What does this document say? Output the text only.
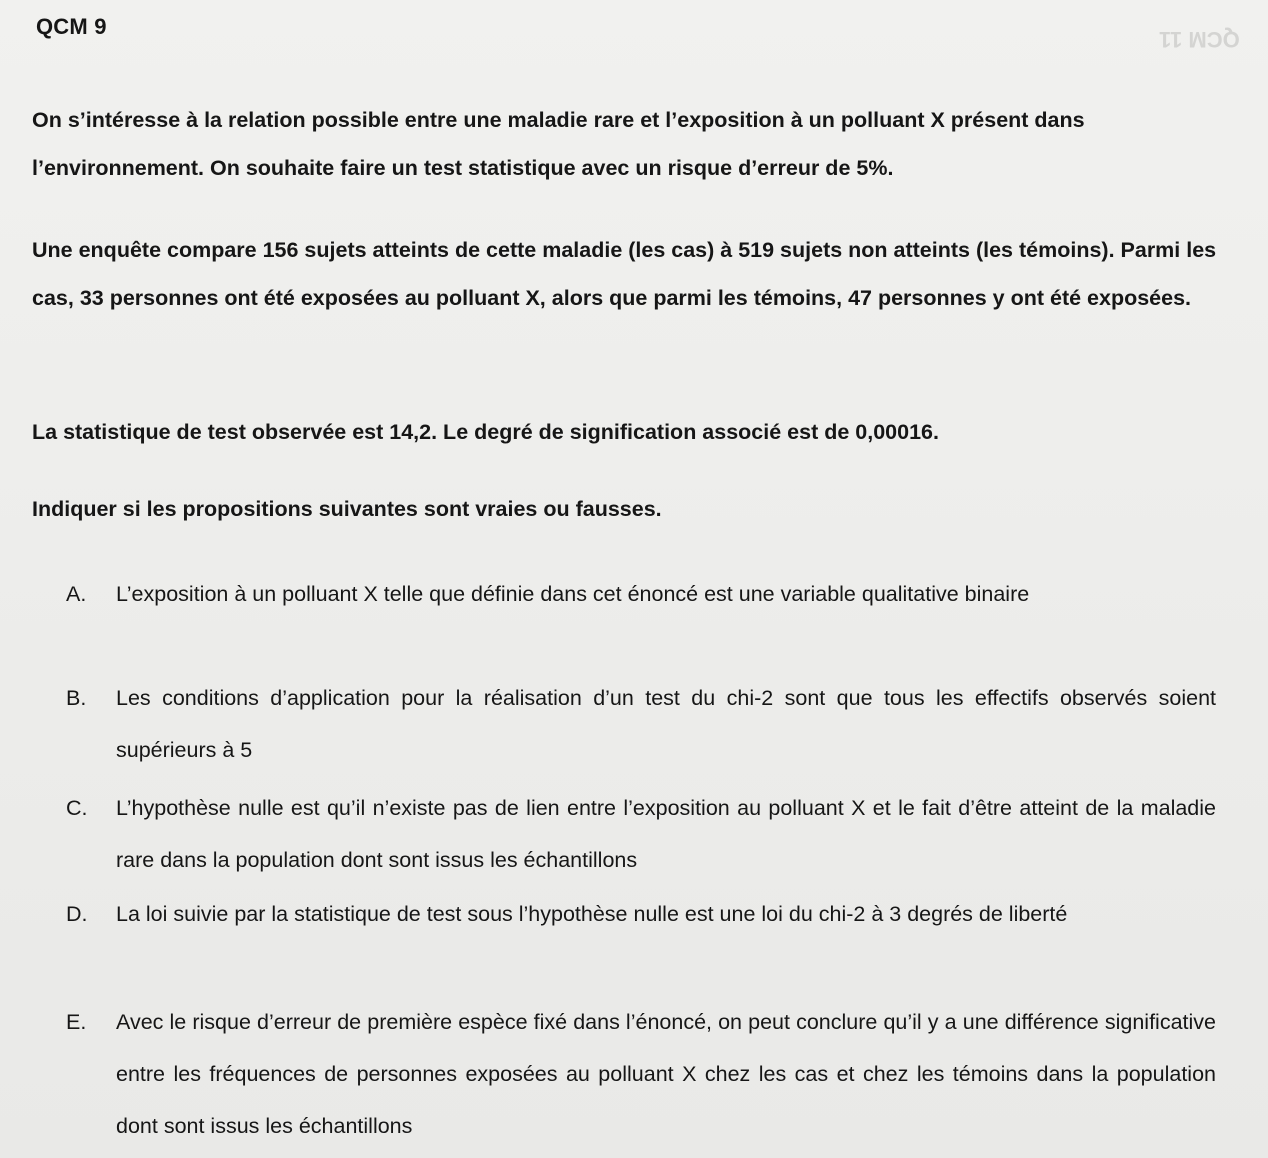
QCM 11
QCM 9
On s’intéresse à la relation possible entre une maladie rare et l’exposition à un polluant X présent dans l’environnement. On souhaite faire un test statistique avec un risque d’erreur de 5%.
Une enquête compare 156 sujets atteints de cette maladie (les cas) à 519 sujets non atteints (les témoins). Parmi les cas, 33 personnes ont été exposées au polluant X, alors que parmi les témoins, 47 personnes y ont été exposées.
La statistique de test observée est 14,2. Le degré de signification associé est de 0,00016.
Indiquer si les propositions suivantes sont vraies ou fausses.
A.	L’exposition à un polluant X telle que définie dans cet énoncé est une variable qualitative binaire
B.	Les conditions d’application pour la réalisation d’un test du chi-2 sont que tous les effectifs observés soient supérieurs à 5
C.	L’hypothèse nulle est qu’il n’existe pas de lien entre l’exposition au polluant X et le fait d’être atteint de la maladie rare dans la population dont sont issus les échantillons
D.	La loi suivie par la statistique de test sous l’hypothèse nulle est une loi du chi-2 à 3 degrés de liberté
E.	Avec le risque d’erreur de première espèce fixé dans l’énoncé, on peut conclure qu’il y a une différence significative entre les fréquences de personnes exposées au polluant X chez les cas et chez les témoins dans la population dont sont issus les échantillons
